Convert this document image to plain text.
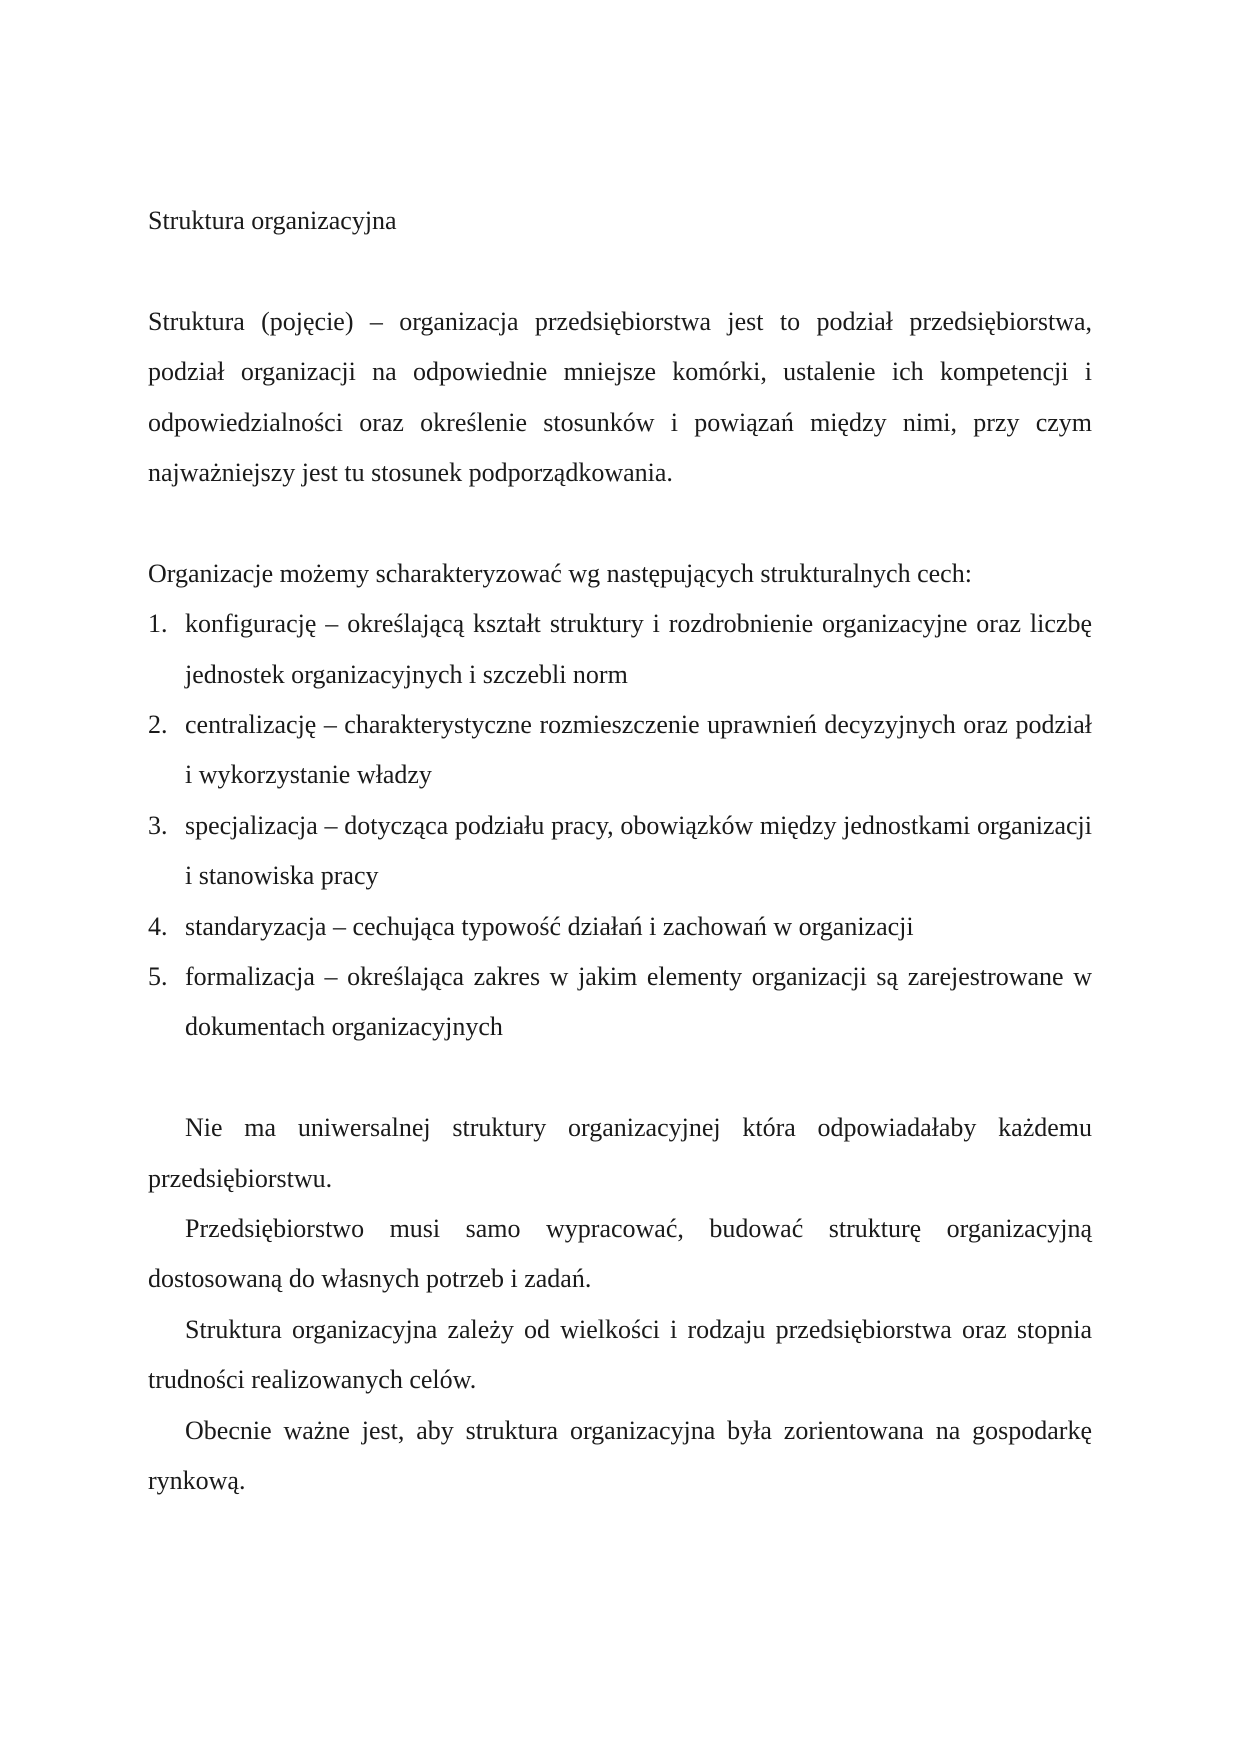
Struktura organizacyjna

Struktura (pojęcie) – organizacja przedsiębiorstwa jest to podział przedsiębiorstwa, podział organizacji na odpowiednie mniejsze komórki, ustalenie ich kompetencji i odpowiedzialności oraz określenie stosunków i powiązań między nimi, przy czym najważniejszy jest tu stosunek podporządkowania.

Organizacje możemy scharakteryzować wg następujących strukturalnych cech:

1. konfigurację – określającą kształt struktury i rozdrobnienie organizacyjne oraz liczbę jednostek organizacyjnych i szczebli norm
2. centralizację – charakterystyczne rozmieszczenie uprawnień decyzyjnych oraz podział i wykorzystanie władzy
3. specjalizacja – dotycząca podziału pracy, obowiązków między jednostkami organizacji i stanowiska pracy
4. standaryzacja – cechująca typowość działań i zachowań w organizacji
5. formalizacja – określająca zakres w jakim elementy organizacji są zarejestrowane w dokumentach organizacyjnych

Nie ma uniwersalnej struktury organizacyjnej która odpowiadałaby każdemu przedsiębiorstwu.

Przedsiębiorstwo musi samo wypracować, budować strukturę organizacyjną dostosowaną do własnych potrzeb i zadań.

Struktura organizacyjna zależy od wielkości i rodzaju przedsiębiorstwa oraz stopnia trudności realizowanych celów.

Obecnie ważne jest, aby struktura organizacyjna była zorientowana na gospodarkę rynkową.
